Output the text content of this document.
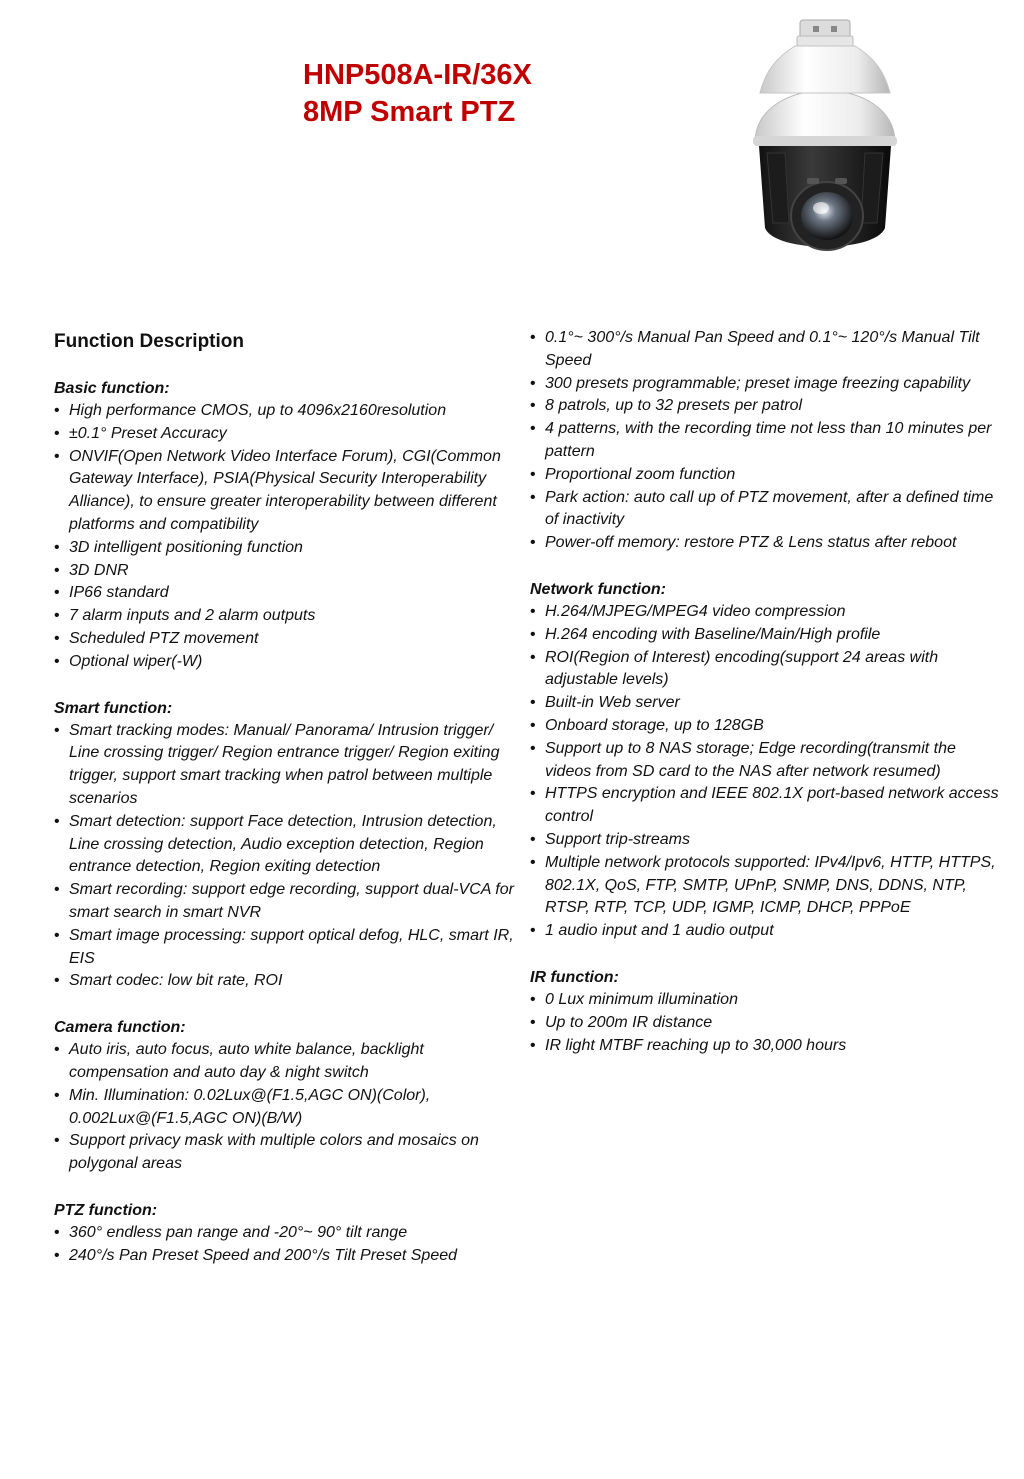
HNP508A-IR/36X
8MP Smart PTZ
Function Description

Basic function:

• High performance CMOS, up to 4096x2160resolution
• ±0.1° Preset Accuracy
• ONVIF(Open Network Video Interface Forum), CGI(Common Gateway Interface), PSIA(Physical Security Interoperability Alliance), to ensure greater interoperability between different platforms and compatibility
• 3D intelligent positioning function
• 3D DNR
• IP66 standard
• 7 alarm inputs and 2 alarm outputs
• Scheduled PTZ movement
• Optional wiper(-W)

Smart function:

• Smart tracking modes: Manual/ Panorama/ Intrusion trigger/ Line crossing trigger/ Region entrance trigger/ Region exiting trigger, support smart tracking when patrol between multiple scenarios
• Smart detection: support Face detection, Intrusion detection, Line crossing detection, Audio exception detection, Region entrance detection, Region exiting detection
• Smart recording: support edge recording, support dual-VCA for smart search in smart NVR
• Smart image processing: support optical defog, HLC, smart IR, EIS
• Smart codec: low bit rate, ROI

Camera function:

• Auto iris, auto focus, auto white balance, backlight compensation and auto day & night switch
• Min. Illumination: 0.02Lux@(F1.5,AGC ON)(Color), 0.002Lux@(F1.5,AGC ON)(B/W)
• Support privacy mask with multiple colors and mosaics on polygonal areas

PTZ function:

• 360° endless pan range and -20°~ 90° tilt range
• 240°/s Pan Preset Speed and 200°/s Tilt Preset Speed
• 0.1°~ 300°/s Manual Pan Speed and 0.1°~ 120°/s Manual Tilt Speed
• 300 presets programmable; preset image freezing capability
• 8 patrols, up to 32 presets per patrol
• 4 patterns, with the recording time not less than 10 minutes per pattern
• Proportional zoom function
• Park action: auto call up of PTZ movement, after a defined time of inactivity
• Power-off memory: restore PTZ & Lens status after reboot

Network function:

• H.264/MJPEG/MPEG4 video compression
• H.264 encoding with Baseline/Main/High profile
• ROI(Region of Interest) encoding(support 24 areas with adjustable levels)
• Built-in Web server
• Onboard storage, up to 128GB
• Support up to 8 NAS storage; Edge recording(transmit the videos from SD card to the NAS after network resumed)
• HTTPS encryption and IEEE 802.1X port-based network access control
• Support trip-streams
• Multiple network protocols supported: IPv4/Ipv6, HTTP, HTTPS, 802.1X, QoS, FTP, SMTP, UPnP, SNMP, DNS, DDNS, NTP, RTSP, RTP, TCP, UDP, IGMP, ICMP, DHCP, PPPoE
• 1 audio input and 1 audio output

IR function:

• 0 Lux minimum illumination
• Up to 200m IR distance
• IR light MTBF reaching up to 30,000 hours
